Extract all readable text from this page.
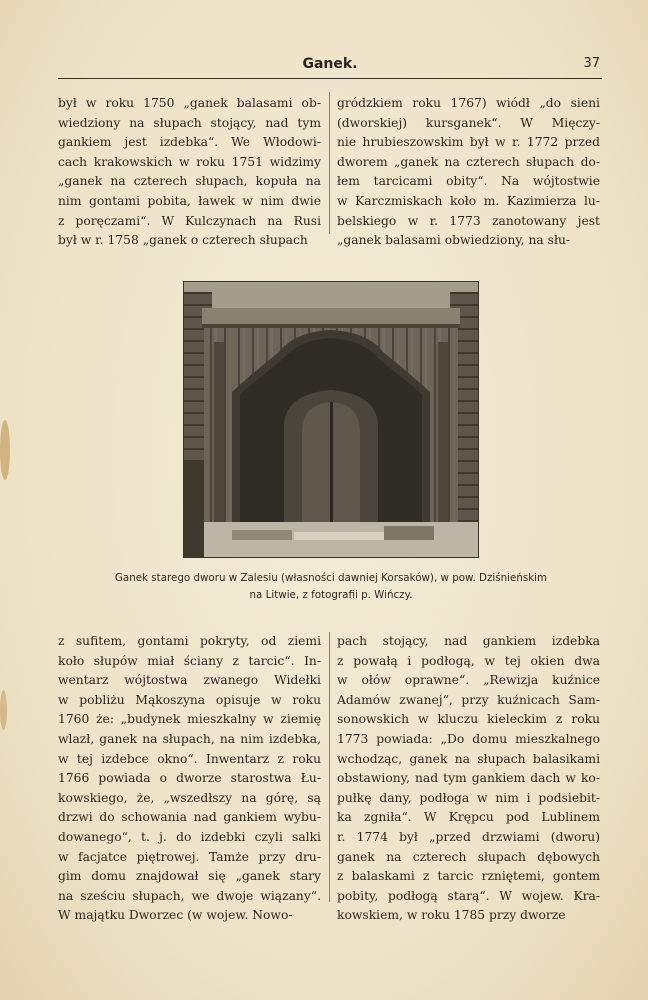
Ganek.	37
był w roku 1750 „ganek balasami ob-
wiedziony na słupach stojący, nad tym
gankiem jest izdebka“. We Włodowi-
cach krakowskich w roku 1751 widzimy
„ganek na czterech słupach, kopuła na
nim gontami pobita, ławek w nim dwie
z poręczami“. W Kulczynach na Rusi
był w r. 1758 „ganek o czterech słupach
gródzkiem roku 1767) wiódł „do sieni
(dworskiej) kursganek“. W Mięczy-
nie hrubieszowskim był w r. 1772 przed
dworem „ganek na czterech słupach do-
łem tarcicami obity“. Na wójtostwie
w Karczmiskach koło m. Kazimierza lu-
belskiego w r. 1773 zanotowany jest
„ganek balasami obwiedziony, na słu-
Ganek starego dworu w Zalesiu (własności dawniej Korsaków), w pow. Dziśnieńskim
na Litwie, z fotografii p. Wińczy.
z sufitem, gontami pokryty, od ziemi
koło słupów miał ściany z tarcic“. In-
wentarz wójtostwa zwanego Widełki
w pobliżu Mąkoszyna opisuje w roku
1760 że: „budynek mieszkalny w ziemię
wlazł, ganek na słupach, na nim izdebka,
w tej izdebce okno“. Inwentarz z roku
1766 powiada o dworze starostwa Łu-
kowskiego, że, „wszedłszy na górę, są
drzwi do schowania nad gankiem wybu-
dowanego“, t. j. do izdebki czyli salki
w facjatce piętrowej. Tamże przy dru-
gim domu znajdował się „ganek stary
na sześciu słupach, we dwoje wiązany“.
W majątku Dworzec (w wojew. Nowo-
pach stojący, nad gankiem izdebka
z powałą i podłogą, w tej okien dwa
w ołów oprawne“. „Rewizja kuźnice
Adamów zwanej“, przy kuźnicach Sam-
sonowskich w kluczu kieleckim z roku
1773 powiada: „Do domu mieszkalnego
wchodząc, ganek na słupach balasikami
obstawiony, nad tym gankiem dach w ko-
pułkę dany, podłoga w nim i podsiebit-
ka zgniła“. W Krępcu pod Lublinem
r. 1774 był „przed drzwiami (dworu)
ganek na czterech słupach dębowych
z balaskami z tarcic rznię̨temi, gontem
pobity, podłogą starą“. W wojew. Kra-
kowskiem, w roku 1785 przy dworze
